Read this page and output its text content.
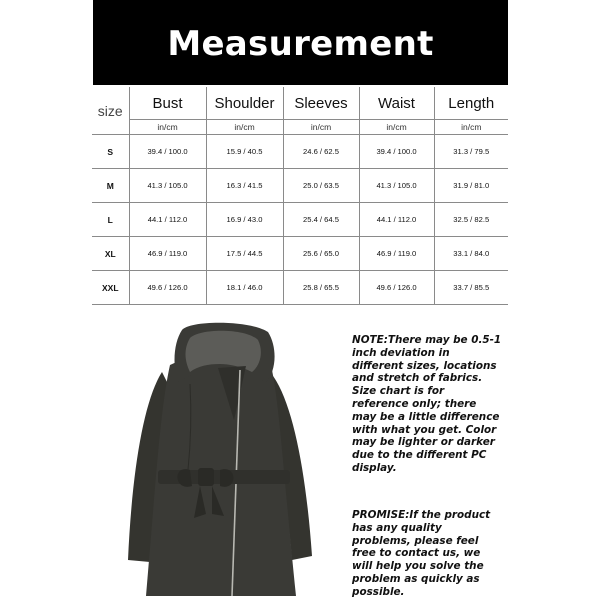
Measurement
size	Bust	Shoulder	Sleeves	Waist	Length
	in/cm	in/cm	in/cm	in/cm	in/cm
S	39.4 / 100.0	15.9 / 40.5	24.6 / 62.5	39.4 / 100.0	31.3 / 79.5
M	41.3 / 105.0	16.3 / 41.5	25.0 / 63.5	41.3 / 105.0	31.9 / 81.0
L	44.1 / 112.0	16.9 / 43.0	25.4 / 64.5	44.1 / 112.0	32.5 / 82.5
XL	46.9 / 119.0	17.5 / 44.5	25.6 / 65.0	46.9 / 119.0	33.1 / 84.0
XXL	49.6 / 126.0	18.1 / 46.0	25.8 / 65.5	49.6 / 126.0	33.7 / 85.5
NOTE:There may be 0.5-1 inch deviation in different sizes, locations and stretch of fabrics. Size chart is for reference only; there may be a little difference with what you get. Color may be lighter or darker due to the different PC display.
PROMISE:If the product has any quality problems, please feel free to contact us, we will help you solve the problem as quickly as possible.
